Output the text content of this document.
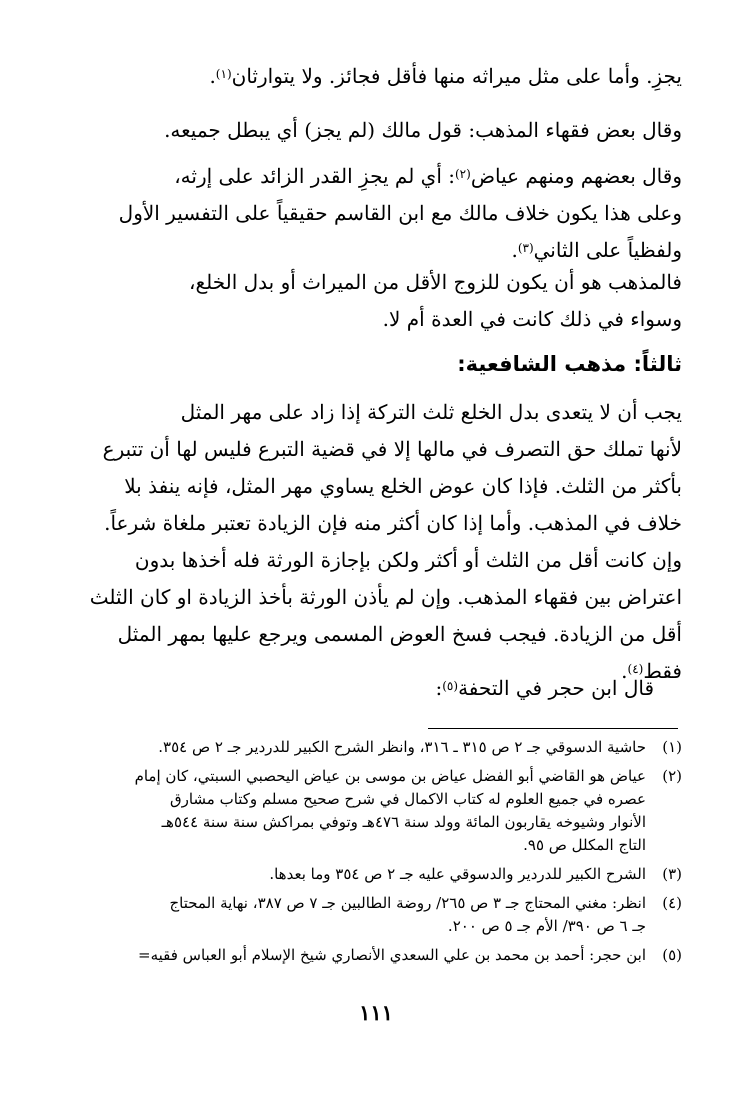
يجزِ. وأما على مثل ميراثه منها فأقل فجائز. ولا يتوارثان$^{(١)}$.

وقال بعض فقهاء المذهب: قول مالك (لم يجز) أي يبطل جميعه.

وقال بعضهم ومنهم عياض$^{(٢)}$: أي لم يجزِ القدر الزائد على إرثه،
وعلى هذا يكون خلاف مالك مع ابن القاسم حقيقياً على التفسير الأول
ولفظياً على الثاني$^{(٣)}$.

فالمذهب هو أن يكون للزوج الأقل من الميراث أو بدل الخلع،
وسواء في ذلك كانت في العدة أم لا.

ثالثاً: مذهب الشافعية:

يجب أن لا يتعدى بدل الخلع ثلث التركة إذا زاد على مهر المثل
لأنها تملك حق التصرف في مالها إلا في قضية التبرع فليس لها أن تتبرع
بأكثر من الثلث. فإذا كان عوض الخلع يساوي مهر المثل، فإنه ينفذ بلا
خلاف في المذهب. وأما إذا كان أكثر منه فإن الزيادة تعتبر ملغاة شرعاً.
وإن كانت أقل من الثلث أو أكثر ولكن بإجازة الورثة فله أخذها بدون
اعتراض بين فقهاء المذهب. وإن لم يأذن الورثة بأخذ الزيادة او كان الثلث
أقل من الزيادة. فيجب فسخ العوض المسمى ويرجع عليها بمهر المثل
فقط$^{(٤)}$.

قال ابن حجر في التحفة$^{(٥)}$:

(١)
حاشية الدسوقي جـ ٢ ص ٣١٥ ـ ٣١٦، وانظر الشرح الكبير للدردير جـ ٢ ص ٣٥٤.
(٢)
عياض هو القاضي أبو الفضل عياض بن موسى بن عياض اليحصبي السبتي، كان إمام
عصره في جميع العلوم له كتاب الاكمال في شرح صحيح مسلم وكتاب مشارق
الأنوار وشيوخه يقاربون المائة وولد سنة ٤٧٦هـ وتوفي بمراكش سنة سنة ٥٤٤هـ
التاج المكلل ص ٩٥.
(٣)
الشرح الكبير للدردير والدسوقي عليه جـ ٢ ص ٣٥٤ وما بعدها.
(٤)
انظر: مغني المحتاج جـ ٣ ص ٢٦٥/ روضة الطالبين جـ ٧ ص ٣٨٧، نهاية المحتاج
جـ ٦ ص ٣٩٠/ الأم جـ ٥ ص ٢٠٠.
(٥)
ابن حجر: أحمد بن محمد بن علي السعدي الأنصاري شيخ الإسلام أبو العباس فقيه=
١١١
